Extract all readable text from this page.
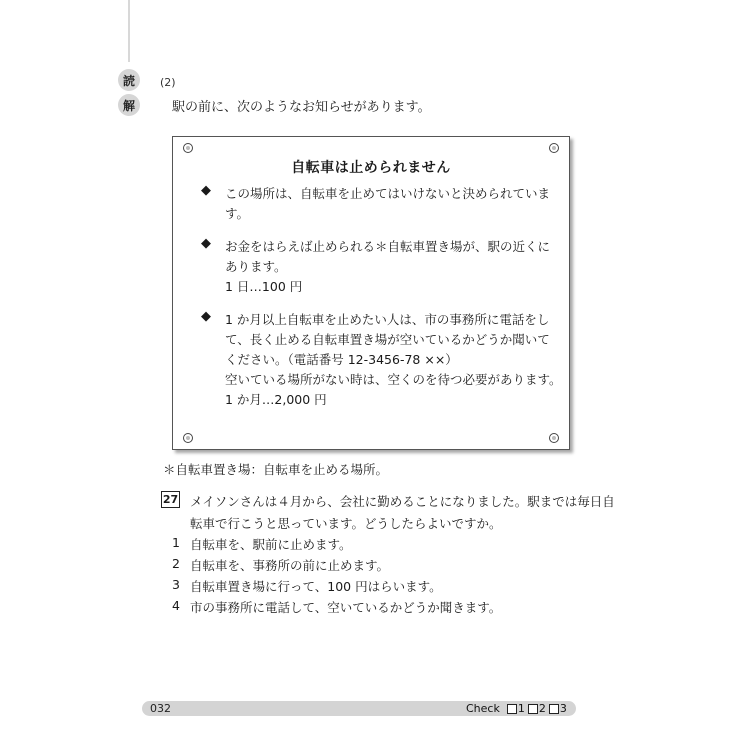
読
解
(2)
駅の前に、次のようなお知らせがあります。
自転車は止められません
◆ この場所は、自転車を止めてはいけないと決められていま
す。
◆ お金をはらえば止められる＊自転車置き場が、駅の近くに
あります。
1 日…100 円
◆ 1 か月以上自転車を止めたい人は、市の事務所に電話をし
て、長く止める自転車置き場が空いているかどうか聞いて
ください。（電話番号 12-3456-78 ××）
空いている場所がない時は、空くのを待つ必要があります。
1 か月…2,000 円
＊自転車置き場：自転車を止める場所。
27 メイソンさんは４月から、会社に勤めることになりました。駅までは毎日自
転車で行こうと思っています。どうしたらよいですか。
1 自転車を、駅前に止めます。
2 自転車を、事務所の前に止めます。
3 自転車置き場に行って、100 円はらいます。
4 市の事務所に電話して、空いているかどうか聞きます。
032	Check 1 2 3
